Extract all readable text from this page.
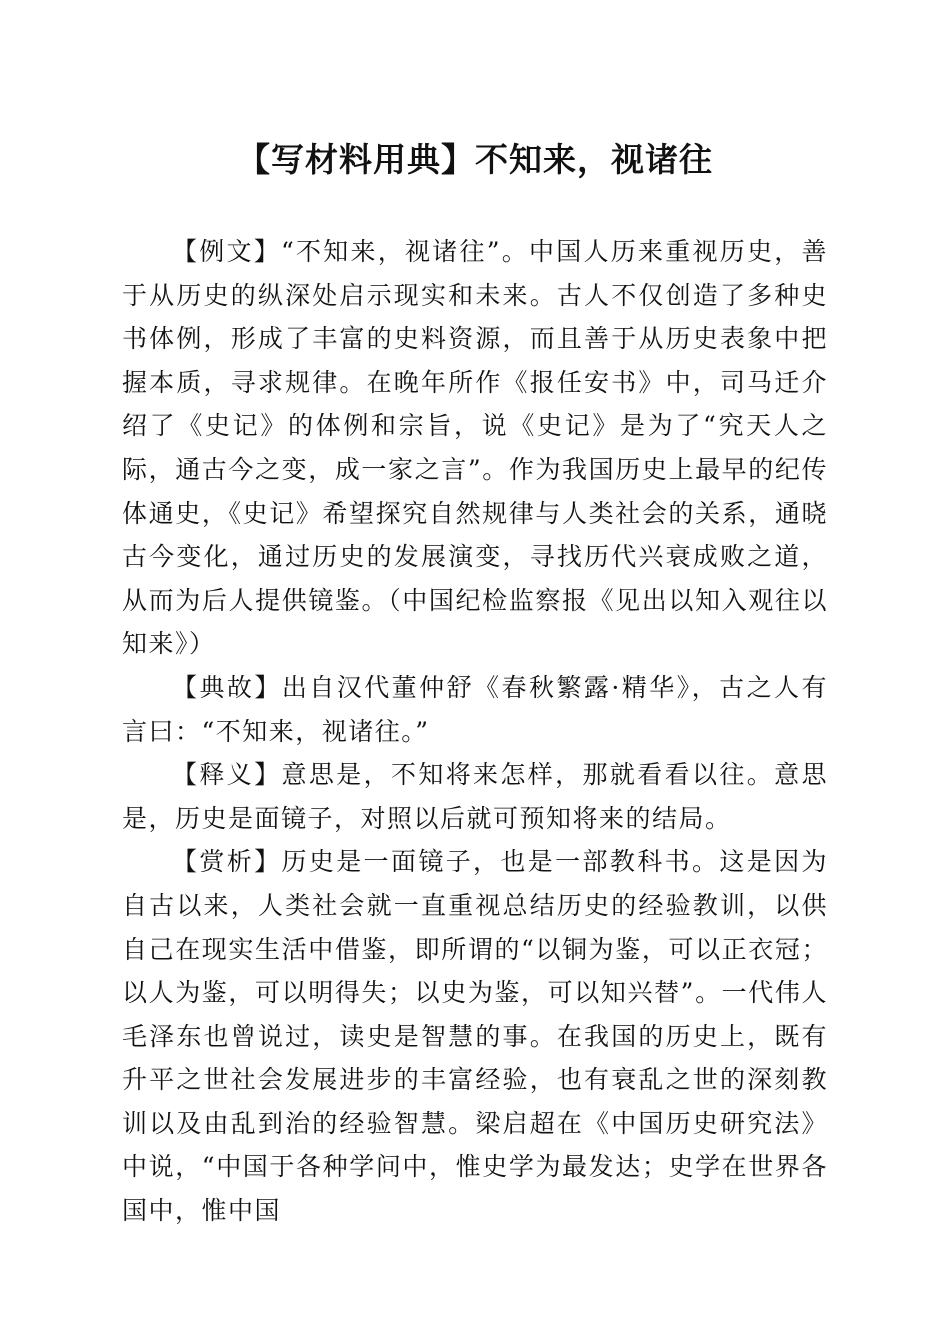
【写材料用典】不知来，视诸往

【例文】“不知来，视诸往”。中国人历来重视历史，善于从历史的纵深处启示现实和未来。古人不仅创造了多种史书体例，形成了丰富的史料资源，而且善于从历史表象中把握本质，寻求规律。在晚年所作《报任安书》中，司马迁介绍了《史记》的体例和宗旨，说《史记》是为了“究天人之际，通古今之变，成一家之言”。作为我国历史上最早的纪传体通史，《史记》希望探究自然规律与人类社会的关系，通晓古今变化，通过历史的发展演变，寻找历代兴衰成败之道，从而为后人提供镜鉴。（中国纪检监察报《见出以知入观往以知来》）

【典故】出自汉代董仲舒《春秋繁露·精华》，古之人有言曰：“不知来，视诸往。”

【释义】意思是，不知将来怎样，那就看看以往。意思是，历史是面镜子，对照以后就可预知将来的结局。

【赏析】历史是一面镜子，也是一部教科书。这是因为自古以来，人类社会就一直重视总结历史的经验教训，以供自己在现实生活中借鉴，即所谓的“以铜为鉴，可以正衣冠；以人为鉴，可以明得失；以史为鉴，可以知兴替”。一代伟人毛泽东也曾说过，读史是智慧的事。在我国的历史上，既有升平之世社会发展进步的丰富经验，也有衰乱之世的深刻教训以及由乱到治的经验智慧。梁启超在《中国历史研究法》中说，“中国于各种学问中，惟史学为最发达；史学在世界各国中，惟中国
